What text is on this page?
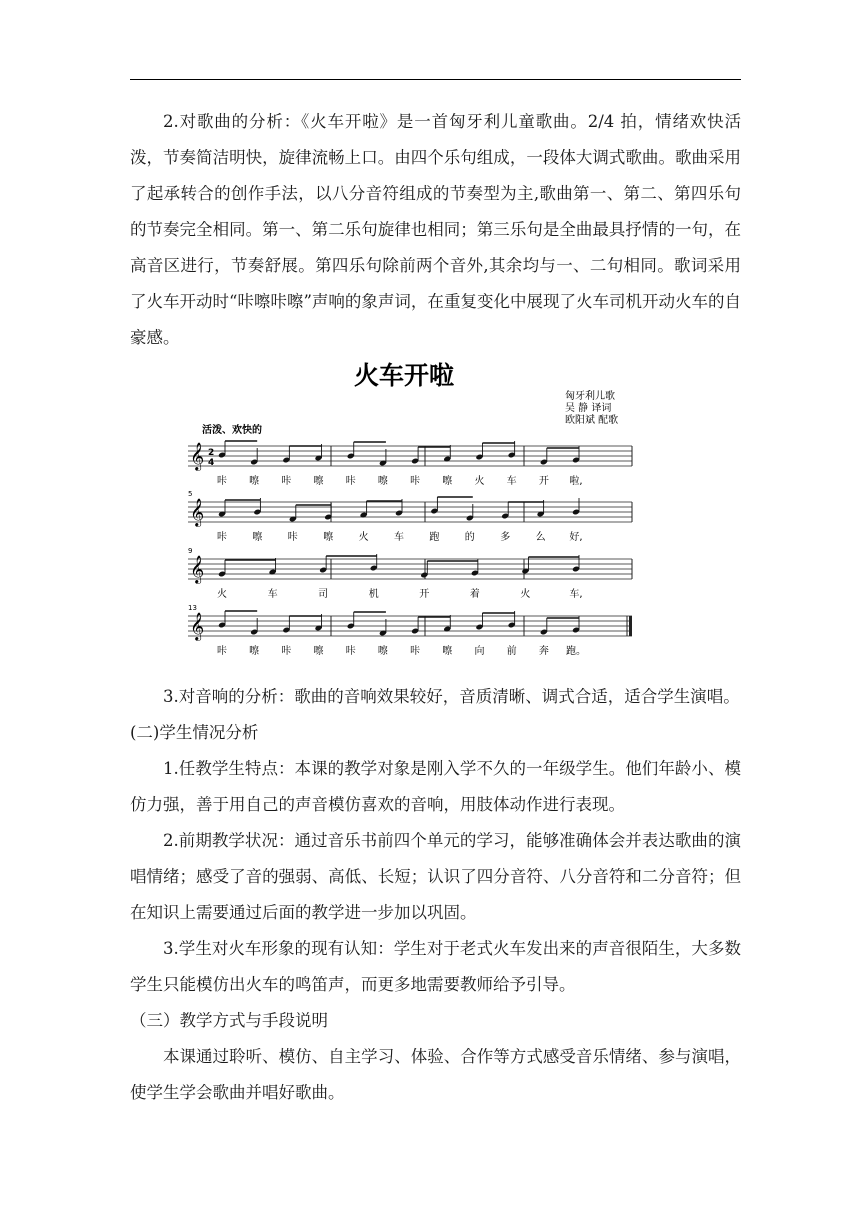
2.对歌曲的分析：《火车开啦》是一首匈牙利儿童歌曲。2/4 拍，情绪欢快活泼，节奏简洁明快，旋律流畅上口。由四个乐句组成，一段体大调式歌曲。歌曲采用了起承转合的创作手法，以八分音符组成的节奏型为主,歌曲第一、第二、第四乐句的节奏完全相同。第一、第二乐句旋律也相同；第三乐句是全曲最具抒情的一句，在高音区进行，节奏舒展。第四乐句除前两个音外,其余均与一、二句相同。歌词采用了火车开动时“咔嚓咔嚓”声响的象声词，在重复变化中展现了火车司机开动火车的自豪感。

火车开啦
匈牙利儿歌
吴 静 译词
欧阳斌 配歌
活泼、欢快的
𝄞 2
4
咔 嚓 咔 嚓 咔 嚓 咔 嚓 火 车 开 啦,
𝄞
5
咔	嚓	咔	嚓	火	车	跑	的	多	么 好,
𝄞
9
火	车	司	机	开	着	火	车,
𝄞
13
咔 嚓 咔 嚓 咔 嚓 咔 嚓 向 前 奔 跑。

3.对音响的分析：歌曲的音响效果较好，音质清晰、调式合适，适合学生演唱。

(二)学生情况分析

1.任教学生特点：本课的教学对象是刚入学不久的一年级学生。他们年龄小、模仿力强，善于用自己的声音模仿喜欢的音响，用肢体动作进行表现。

2.前期教学状况：通过音乐书前四个单元的学习，能够准确体会并表达歌曲的演唱情绪；感受了音的强弱、高低、长短；认识了四分音符、八分音符和二分音符；但在知识上需要通过后面的教学进一步加以巩固。

3.学生对火车形象的现有认知：学生对于老式火车发出来的声音很陌生，大多数学生只能模仿出火车的鸣笛声，而更多地需要教师给予引导。

（三）教学方式与手段说明

本课通过聆听、模仿、自主学习、体验、合作等方式感受音乐情绪、参与演唱，使学生学会歌曲并唱好歌曲。
